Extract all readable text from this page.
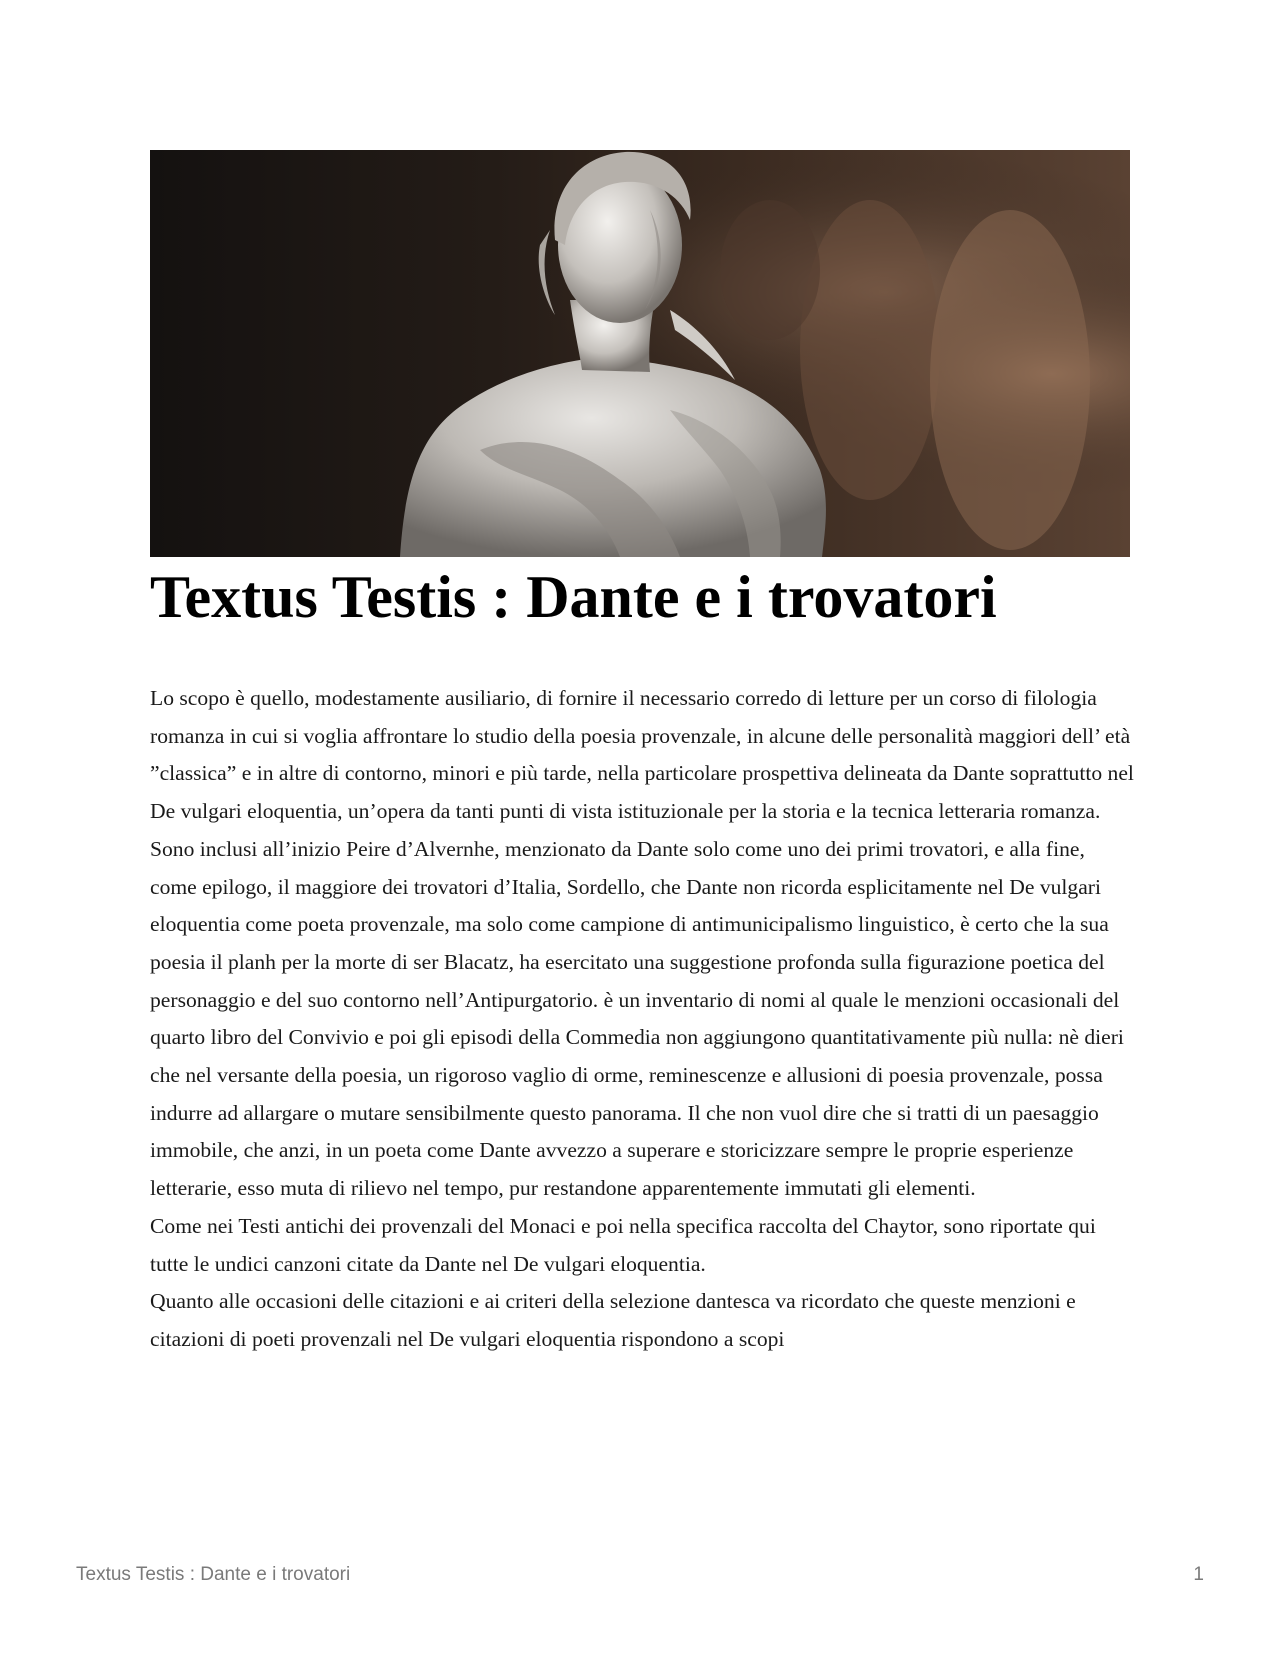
Textus Testis : Dante e i trovatori

Lo scopo è quello, modestamente ausiliario, di fornire il necessario corredo di letture per un corso di filologia romanza in cui si voglia affrontare lo studio della poesia provenzale, in alcune delle personalità maggiori dell’ età ”classica” e in altre di contorno, minori e più tarde, nella particolare prospettiva delineata da Dante soprattutto nel De vulgari eloquentia, un’opera da tanti punti di vista istituzionale per la storia e la tecnica letteraria romanza.

Sono inclusi all’inizio Peire d’Alvernhe, menzionato da Dante solo come uno dei primi trovatori, e alla fine, come epilogo, il maggiore dei trovatori d’Italia, Sordello, che Dante non ricorda esplicitamente nel De vulgari eloquentia come poeta provenzale, ma solo come campione di antimunicipalismo linguistico, è certo che la sua poesia il planh per la morte di ser Blacatz, ha esercitato una suggestione profonda sulla figurazione poetica del personaggio e del suo contorno nell’Antipurgatorio. è un inventario di nomi al quale le menzioni occasionali del quarto libro del Convivio e poi gli episodi della Commedia non aggiungono quantitativamente più nulla: nè dieri che nel versante della poesia, un rigoroso vaglio di orme, reminescenze e allusioni di poesia provenzale, possa indurre ad allargare o mutare sensibilmente questo panorama. Il che non vuol dire che si tratti di un paesaggio immobile, che anzi, in un poeta come Dante avvezzo a superare e storicizzare sempre le proprie esperienze letterarie, esso muta di rilievo nel tempo, pur restandone apparentemente immutati gli elementi.

Come nei Testi antichi dei provenzali del Monaci e poi nella specifica raccolta del Chaytor, sono riportate qui tutte le undici canzoni citate da Dante nel De vulgari eloquentia.

Quanto alle occasioni delle citazioni e ai criteri della selezione dantesca va ricordato che queste menzioni e citazioni di poeti provenzali nel De vulgari eloquentia rispondono a scopi

Textus Testis : Dante e i trovatori	1
